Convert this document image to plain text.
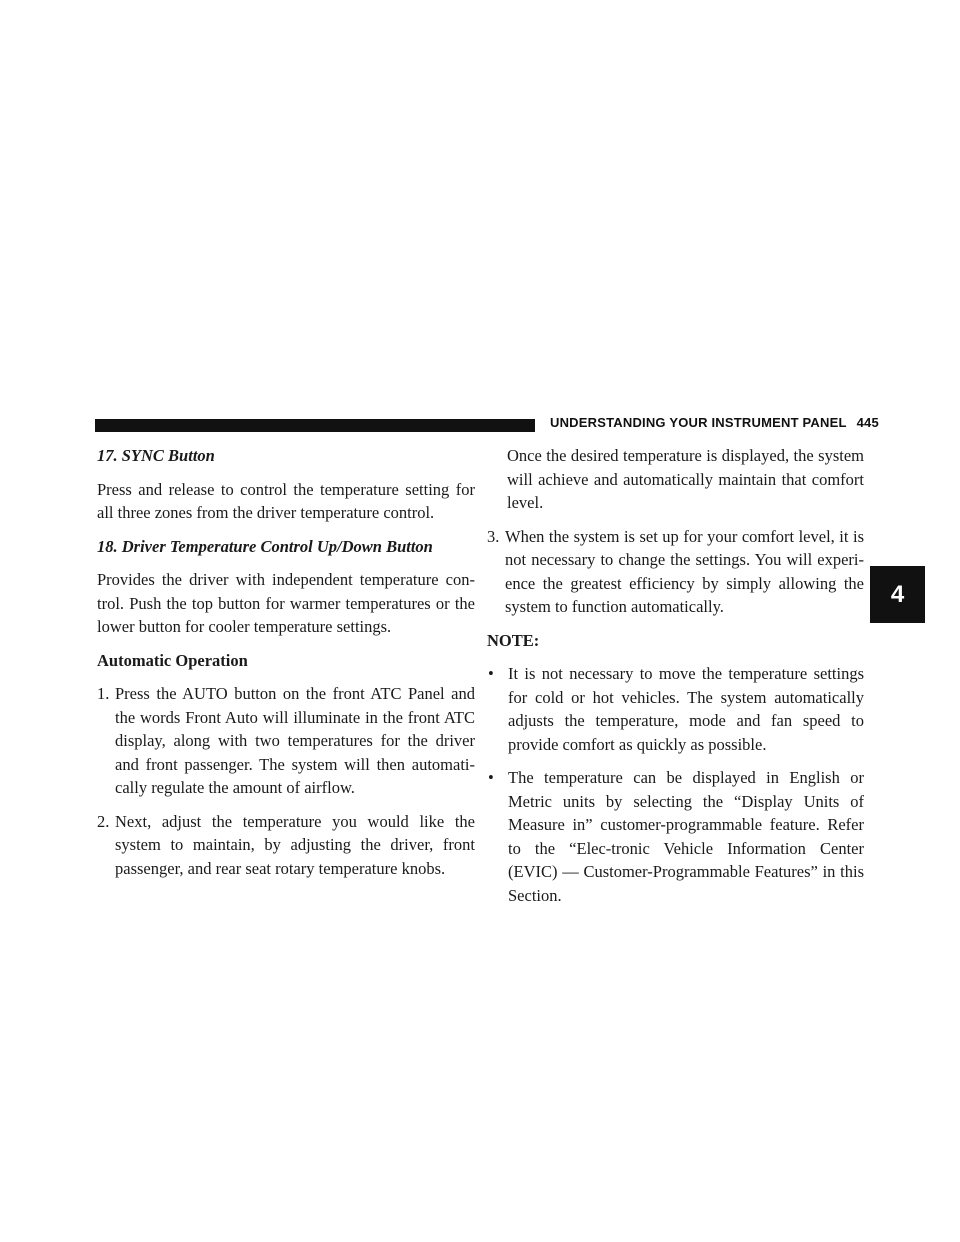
UNDERSTANDING YOUR INSTRUMENT PANEL 445
17. SYNC Button

Press and release to control the temperature setting for all three zones from the driver temperature control.

18. Driver Temperature Control Up/Down Button

Provides the driver with independent temperature con-trol. Push the top button for warmer temperatures or the lower button for cooler temperature settings.

Automatic Operation
1. Press the AUTO button on the front ATC Panel and the words Front Auto will illuminate in the front ATC display, along with two temperatures for the driver and front passenger. The system will then automati-cally regulate the amount of airflow.
2. Next, adjust the temperature you would like the system to maintain, by adjusting the driver, front passenger, and rear seat rotary temperature knobs.

Once the desired temperature is displayed, the system will achieve and automatically maintain that comfort level.

3. When the system is set up for your comfort level, it is not necessary to change the settings. You will experi-ence the greatest efficiency by simply allowing the system to function automatically.
NOTE:
• It is not necessary to move the temperature settings for cold or hot vehicles. The system automatically adjusts the temperature, mode and fan speed to provide comfort as quickly as possible.
• The temperature can be displayed in English or Metric units by selecting the “Display Units of Measure in” customer-programmable feature. Refer to the “Elec-tronic Vehicle Information Center (EVIC) — Customer-Programmable Features” in this Section.
4
